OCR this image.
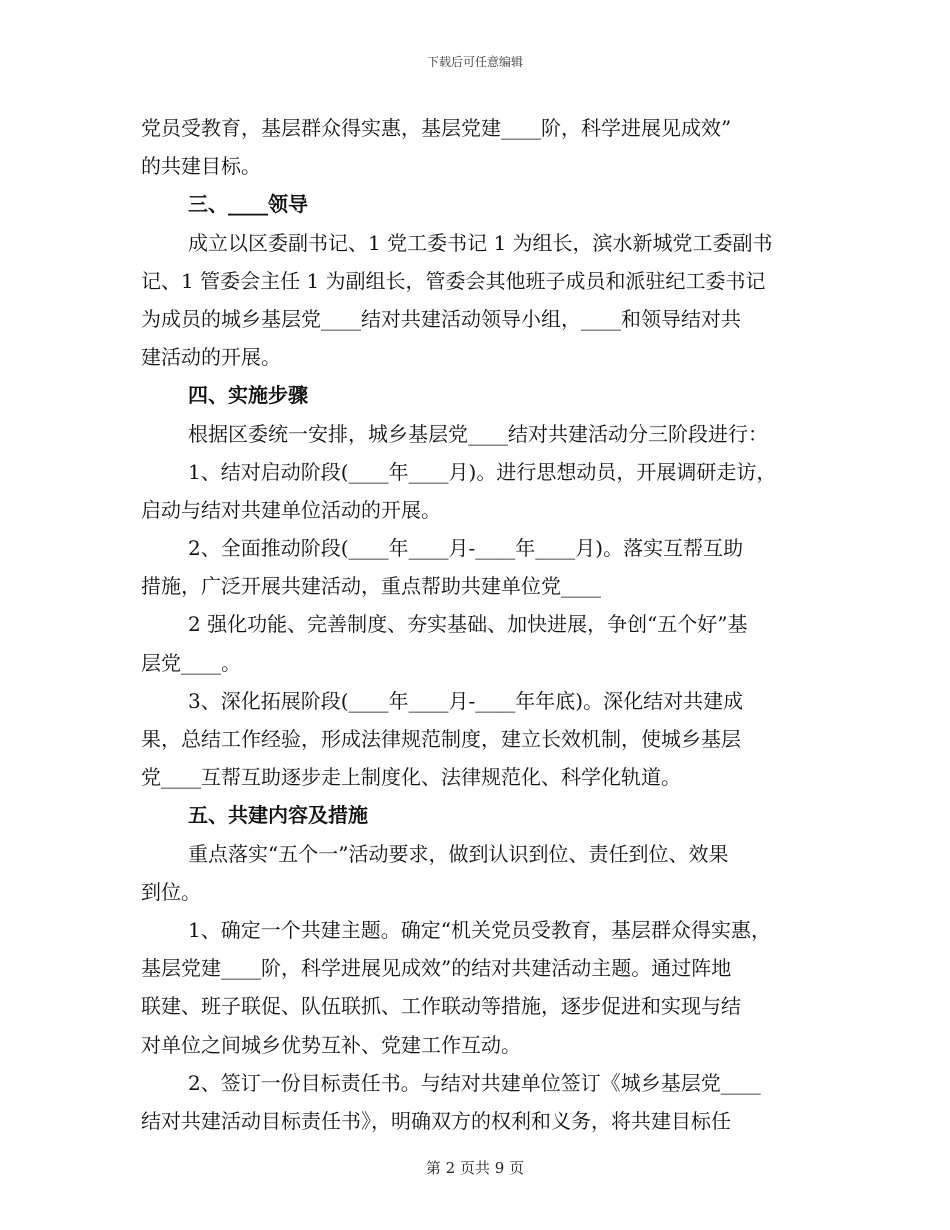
下载后可任意编辑
党员受教育，基层群众得实惠，基层党建____阶，科学进展见成效”
的共建目标。
三、____领导
成立以区委副书记、1 党工委书记 1 为组长，滨水新城党工委副书
记、1 管委会主任 1 为副组长，管委会其他班子成员和派驻纪工委书记
为成员的城乡基层党____结对共建活动领导小组，____和领导结对共
建活动的开展。
四、实施步骤
根据区委统一安排，城乡基层党____结对共建活动分三阶段进行：
1、结对启动阶段(____年____月)。进行思想动员，开展调研走访，
启动与结对共建单位活动的开展。
2、全面推动阶段(____年____月-____年____月)。落实互帮互助
措施，广泛开展共建活动，重点帮助共建单位党____
2 强化功能、完善制度、夯实基础、加快进展，争创“五个好”基
层党____。
3、深化拓展阶段(____年____月-____年年底)。深化结对共建成
果，总结工作经验，形成法律规范制度，建立长效机制，使城乡基层
党____互帮互助逐步走上制度化、法律规范化、科学化轨道。
五、共建内容及措施
重点落实“五个一”活动要求，做到认识到位、责任到位、效果
到位。
1、确定一个共建主题。确定“机关党员受教育，基层群众得实惠，
基层党建____阶，科学进展见成效”的结对共建活动主题。通过阵地
联建、班子联促、队伍联抓、工作联动等措施，逐步促进和实现与结
对单位之间城乡优势互补、党建工作互动。
2、签订一份目标责任书。与结对共建单位签订《城乡基层党____
结对共建活动目标责任书》，明确双方的权利和义务，将共建目标任
第 2 页共 9 页
